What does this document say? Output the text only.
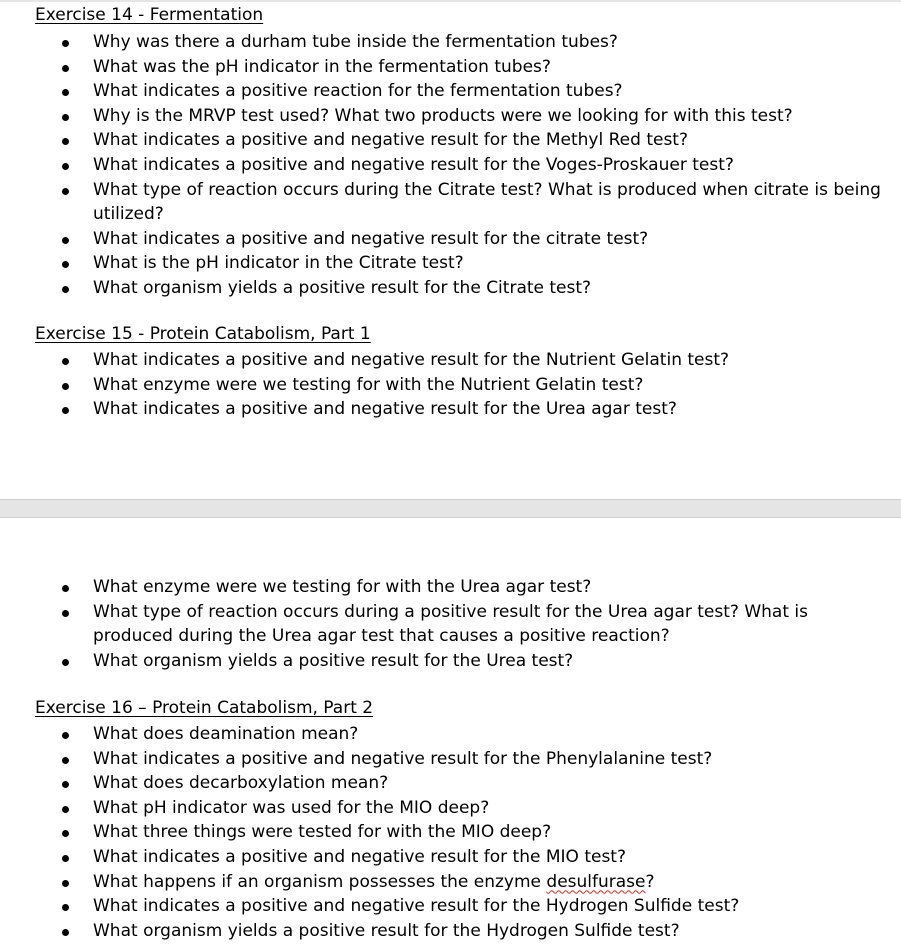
Exercise 14 - Fermentation
Why was there a durham tube inside the fermentation tubes?
What was the pH indicator in the fermentation tubes?
What indicates a positive reaction for the fermentation tubes?
Why is the MRVP test used? What two products were we looking for with this test?
What indicates a positive and negative result for the Methyl Red test?
What indicates a positive and negative result for the Voges-Proskauer test?
What type of reaction occurs during the Citrate test? What is produced when citrate is being utilized?
What indicates a positive and negative result for the citrate test?
What is the pH indicator in the Citrate test?
What organism yields a positive result for the Citrate test?
Exercise 15 - Protein Catabolism, Part 1
What indicates a positive and negative result for the Nutrient Gelatin test?
What enzyme were we testing for with the Nutrient Gelatin test?
What indicates a positive and negative result for the Urea agar test?
What enzyme were we testing for with the Urea agar test?
What type of reaction occurs during a positive result for the Urea agar test? What is produced during the Urea agar test that causes a positive reaction?
What organism yields a positive result for the Urea test?
Exercise 16 – Protein Catabolism, Part 2
What does deamination mean?
What indicates a positive and negative result for the Phenylalanine test?
What does decarboxylation mean?
What pH indicator was used for the MIO deep?
What three things were tested for with the MIO deep?
What indicates a positive and negative result for the MIO test?
What happens if an organism possesses the enzyme desulfurase?
What indicates a positive and negative result for the Hydrogen Sulfide test?
What organism yields a positive result for the Hydrogen Sulfide test?
